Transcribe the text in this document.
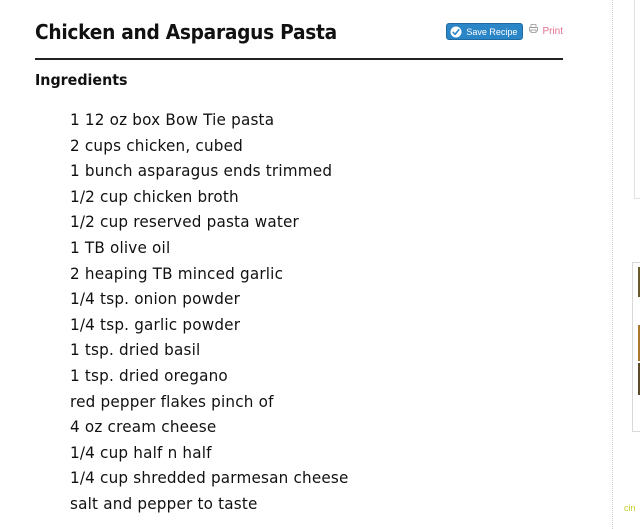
Chicken and Asparagus Pasta	Save Recipe	Print
Ingredients
1 12 oz box Bow Tie pasta
2 cups chicken, cubed
1 bunch asparagus ends trimmed
1/2 cup chicken broth
1/2 cup reserved pasta water
1 TB olive oil
2 heaping TB minced garlic
1/4 tsp. onion powder
1/4 tsp. garlic powder
1 tsp. dried basil
1 tsp. dried oregano
red pepper flakes pinch of
4 oz cream cheese
1/4 cup half n half
1/4 cup shredded parmesan cheese
salt and pepper to taste	cin
